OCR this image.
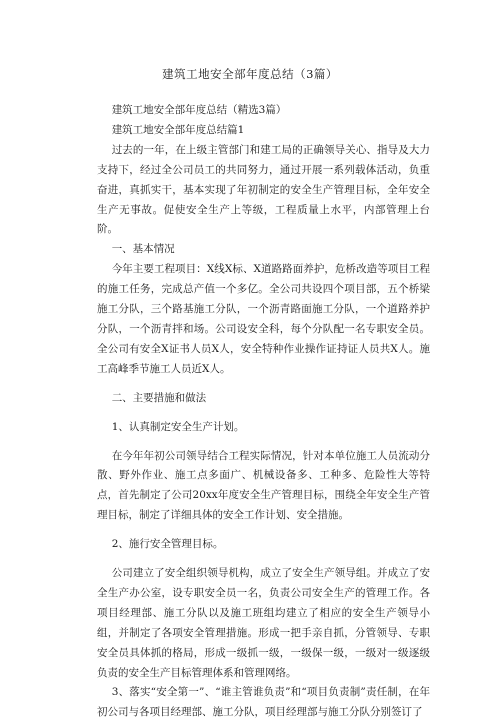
建筑工地安全部年度总结（3篇）

建筑工地安全部年度总结（精选3篇）

建筑工地安全部年度总结篇1

过去的一年，在上级主管部门和建工局的正确领导关心、指导及大力支持下，经过全公司员工的共同努力，通过开展一系列载体活动，负重奋进，真抓实干，基本实现了年初制定的安全生产管理目标，全年安全生产无事故。促使安全生产上等级，工程质量上水平，内部管理上台阶。

一、基本情况

今年主要工程项目：X线X标、X道路路面养护，危桥改造等项目工程的施工任务，完成总产值一个多亿。全公司共设四个项目部，五个桥梁施工分队，三个路基施工分队，一个沥青路面施工分队，一个道路养护分队，一个沥青拌和场。公司设安全科，每个分队配一名专职安全员。全公司有安全X证书人员X人，安全特种作业操作证持证人员共X人。施工高峰季节施工人员近X人。

二、主要措施和做法

1、认真制定安全生产计划。

在今年年初公司领导结合工程实际情况，针对本单位施工人员流动分散、野外作业、施工点多面广、机械设备多、工种多、危险性大等特点，首先制定了公司20xx年度安全生产管理目标，围绕全年安全生产管理目标，制定了详细具体的安全工作计划、安全措施。

2、施行安全管理目标。

公司建立了安全组织领导机构，成立了安全生产领导组。并成立了安全生产办公室，设专职安全员一名，负责公司安全生产的管理工作。各项目经理部、施工分队以及施工班组均建立了相应的安全生产领导小组，并制定了各项安全管理措施。形成一把手亲自抓，分管领导、专职安全员具体抓的格局，形成一级抓一级，一级保一级，一级对一级逐级负责的安全生产目标管理体系和管理网络。

3、落实“安全第一”、“谁主管谁负责”和“项目负责制”责任制，在年初公司与各项目经理部、施工分队，项目经理部与施工分队分别签订了
